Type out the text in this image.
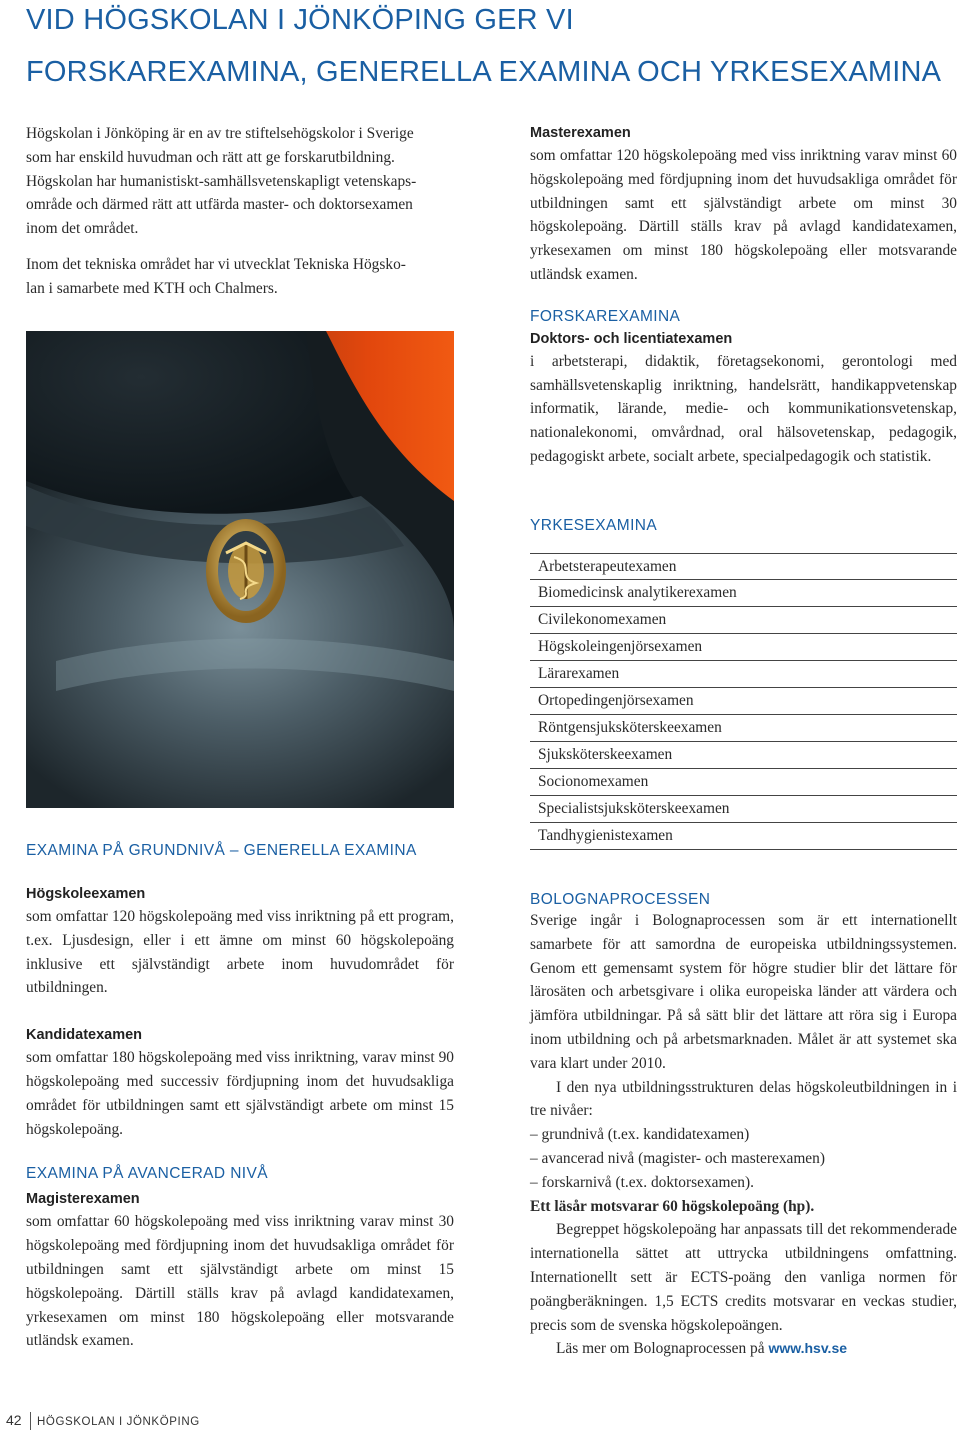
VID HÖGSKOLAN I JÖNKÖPING GER VI
FORSKAREXAMINA, GENERELLA EXAMINA OCH YRKESEXAMINA

Högskolan i Jönköping är en av tre stiftelsehögskolor i Sverige
som har enskild huvudman och rätt att ge forskarutbildning.
Högskolan har humanistiskt-samhällsvetenskapligt vetenskaps-
område och därmed rätt att utfärda master- och doktorsexamen
inom det området.

Inom det tekniska området har vi utvecklat Tekniska Högsko-
lan i samarbete med KTH och Chalmers.

EXAMINA PÅ GRUNDNIVÅ – GENERELLA EXAMINA
Högskoleexamen

som omfattar 120 högskolepoäng med viss inriktning på ett program, t.ex. Ljusdesign, eller i ett ämne om minst 60 högskolepoäng inklusive ett självständigt arbete inom huvudområdet för utbildningen.

Kandidatexamen

som omfattar 180 högskolepoäng med viss inriktning, varav minst 90 högskolepoäng med successiv fördjupning inom det huvudsakliga området för utbildningen samt ett självständigt arbete om minst 15 högskolepoäng.

EXAMINA PÅ AVANCERAD NIVÅ
Magisterexamen

som omfattar 60 högskolepoäng med viss inriktning varav minst 30 högskolepoäng med fördjupning inom det huvudsakliga området för utbildningen samt ett självständigt arbete om minst 15 högskolepoäng. Därtill ställs krav på avlagd kandidatexamen, yrkesexamen om minst 180 högskolepoäng eller motsvarande utländsk examen.

Masterexamen

som omfattar 120 högskolepoäng med viss inriktning varav minst 60 högskolepoäng med fördjupning inom det huvudsakliga området för utbildningen samt ett självständigt arbete om minst 30 högskolepoäng. Därtill ställs krav på avlagd kandidatexamen, yrkesexamen om minst 180 högskolepoäng eller motsvarande utländsk examen.

FORSKAREXAMINA
Doktors- och licentiatexamen

i arbetsterapi, didaktik, företagsekonomi, gerontologi med samhällsvetenskaplig inriktning, handelsrätt, handikappvetenskap informatik, lärande, medie- och kommunikationsvetenskap, nationalekonomi, omvårdnad, oral hälsovetenskap, pedagogik, pedagogiskt arbete, socialt arbete, specialpedagogik och statistik.

YRKESEXAMINA
Arbetsterapeutexamen
Biomedicinsk analytikerexamen
Civilekonomexamen
Högskoleingenjörsexamen
Lärarexamen
Ortopedingenjörsexamen
Röntgensjuksköterskeexamen
Sjuksköterskeexamen
Socionomexamen
Specialistsjuksköterskeexamen
Tandhygienistexamen
BOLOGNAPROCESSEN

Sverige ingår i Bolognaprocessen som är ett internationellt samarbete för att samordna de europeiska utbildningssystemen. Genom ett gemensamt system för högre studier blir det lättare för lärosäten och arbetsgivare i olika europeiska länder att värdera och jämföra utbildningar. På så sätt blir det lättare att röra sig i Europa inom utbildning och på arbetsmarknaden. Målet är att systemet ska vara klart under 2010.

I den nya utbildningsstrukturen delas högskoleutbildningen in i tre nivåer:

– grundnivå (t.ex. kandidatexamen)
– avancerad nivå (magister- och masterexamen)
– forskarnivå (t.ex. doktorsexamen).
Ett läsår motsvarar 60 högskolepoäng (hp).

Begreppet högskolepoäng har anpassats till det rekommenderade internationella sättet att uttrycka utbildningens omfattning. Internationellt sett är ECTS-poäng den vanliga normen för poängberäkningen. 1,5 ECTS credits motsvarar en veckas studier, precis som de svenska högskolepoängen.

Läs mer om Bolognaprocessen på www.hsv.se

42 HÖGSKOLAN I JÖNKÖPING
